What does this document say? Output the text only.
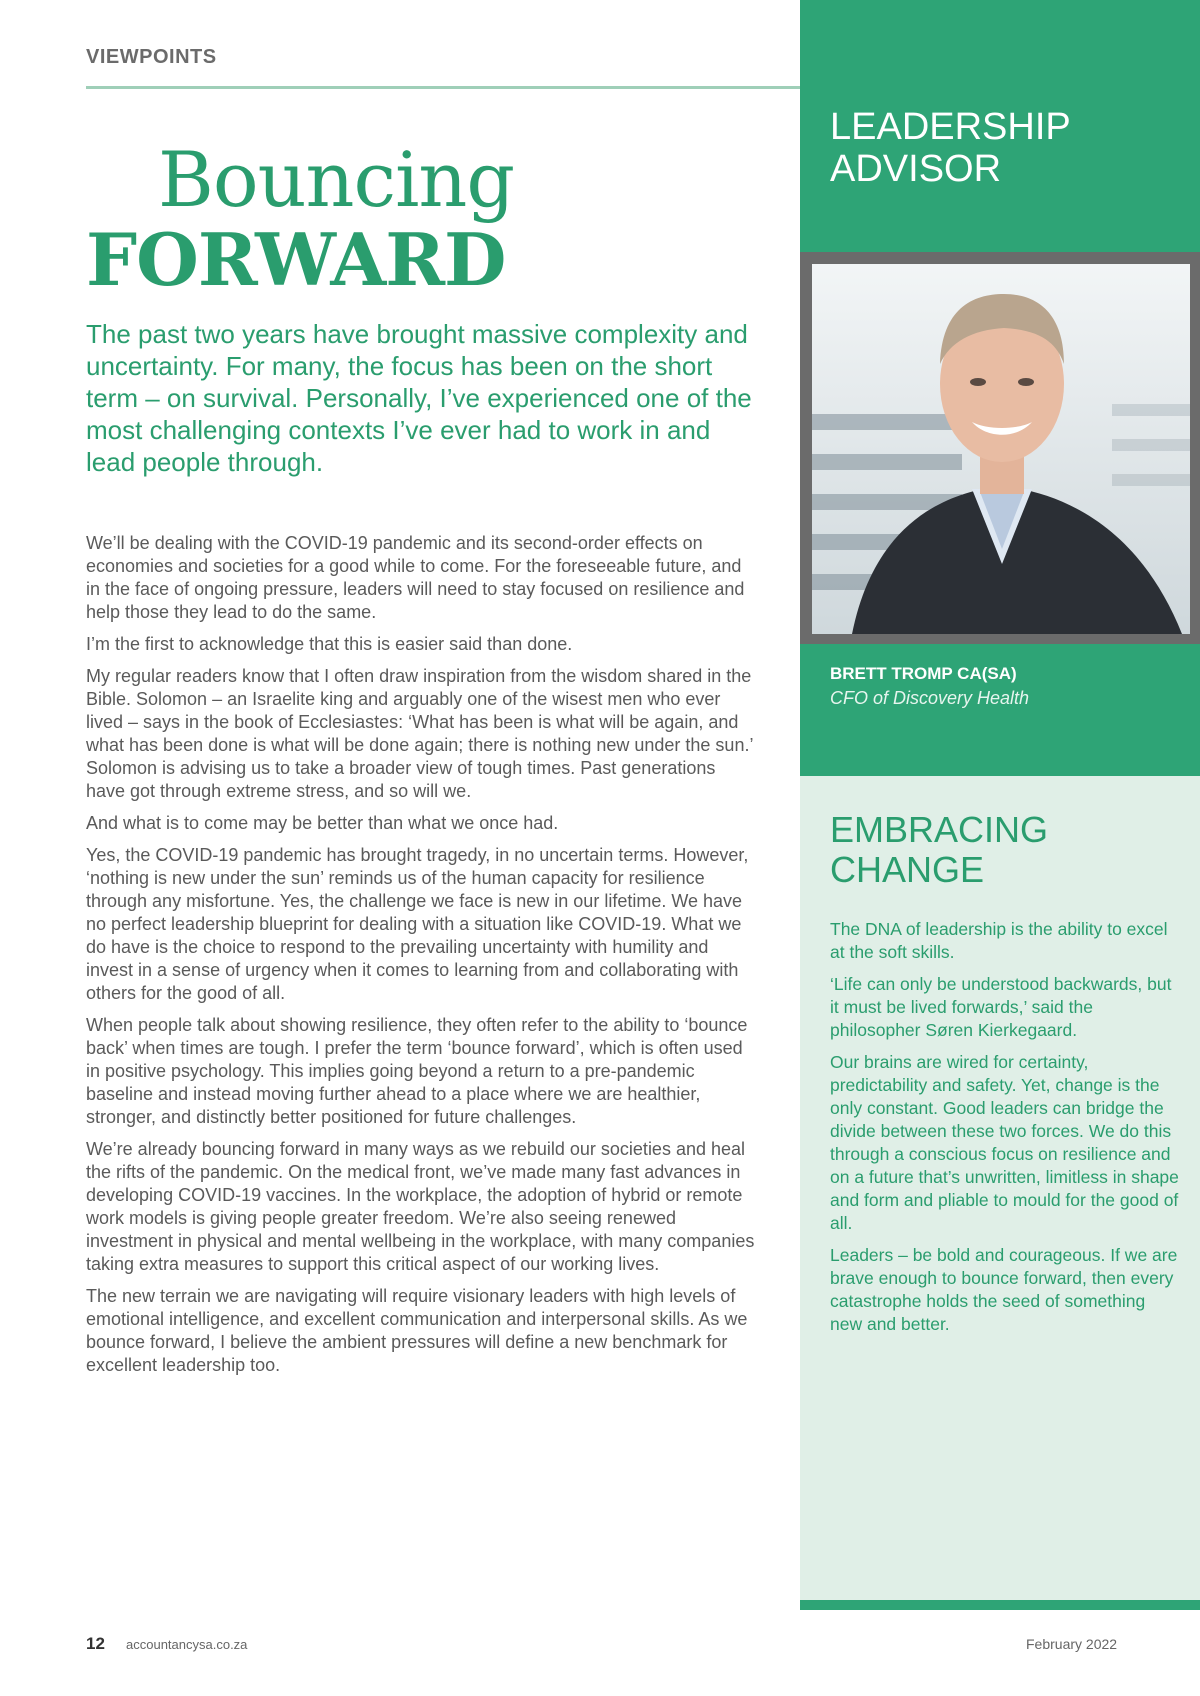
VIEWPOINTS
Bouncing
FORWARD
The past two years have brought massive complexity and uncertainty. For many, the focus has been on the short term – on survival. Personally, I’ve experienced one of the most challenging contexts I’ve ever had to work in and lead people through.

We’ll be dealing with the COVID-19 pandemic and its second-order effects on economies and societies for a good while to come. For the foreseeable future, and in the face of ongoing pressure, leaders will need to stay focused on resilience and help those they lead to do the same.

I’m the first to acknowledge that this is easier said than done.

My regular readers know that I often draw inspiration from the wisdom shared in the Bible. Solomon – an Israelite king and arguably one of the wisest men who ever lived – says in the book of Ecclesiastes: ‘What has been is what will be again, and what has been done is what will be done again; there is nothing new under the sun.’ Solomon is advising us to take a broader view of tough times. Past generations have got through extreme stress, and so will we.

And what is to come may be better than what we once had.

Yes, the COVID-19 pandemic has brought tragedy, in no uncertain terms. However, ‘nothing is new under the sun’ reminds us of the human capacity for resilience through any misfortune. Yes, the challenge we face is new in our lifetime. We have no perfect leadership blueprint for dealing with a situation like COVID-19. What we do have is the choice to respond to the prevailing uncertainty with humility and invest in a sense of urgency when it comes to learning from and collaborating with others for the good of all.

When people talk about showing resilience, they often refer to the ability to ‘bounce back’ when times are tough. I prefer the term ‘bounce forward’, which is often used in positive psychology. This implies going beyond a return to a pre-pandemic baseline and instead moving further ahead to a place where we are healthier, stronger, and distinctly better positioned for future challenges.

We’re already bouncing forward in many ways as we rebuild our societies and heal the rifts of the pandemic. On the medical front, we’ve made many fast advances in developing COVID-19 vaccines. In the workplace, the adoption of hybrid or remote work models is giving people greater freedom. We’re also seeing renewed investment in physical and mental wellbeing in the workplace, with many companies taking extra measures to support this critical aspect of our working lives.

The new terrain we are navigating will require visionary leaders with high levels of emotional intelligence, and excellent communication and interpersonal skills. As we bounce forward, I believe the ambient pressures will define a new benchmark for excellent leadership too.

LEADERSHIP ADVISOR
BRETT TROMP CA(SA)
CFO of Discovery Health
EMBRACING CHANGE

The DNA of leadership is the ability to excel at the soft skills.

‘Life can only be understood backwards, but it must be lived forwards,’ said the philosopher Søren Kierkegaard.

Our brains are wired for certainty, predictability and safety. Yet, change is the only constant. Good leaders can bridge the divide between these two forces. We do this through a conscious focus on resilience and on a future that’s unwritten, limitless in shape and form and pliable to mould for the good of all.

Leaders – be bold and courageous. If we are brave enough to bounce forward, then every catastrophe holds the seed of something new and better.

12 accountancysa.co.za	February 2022
